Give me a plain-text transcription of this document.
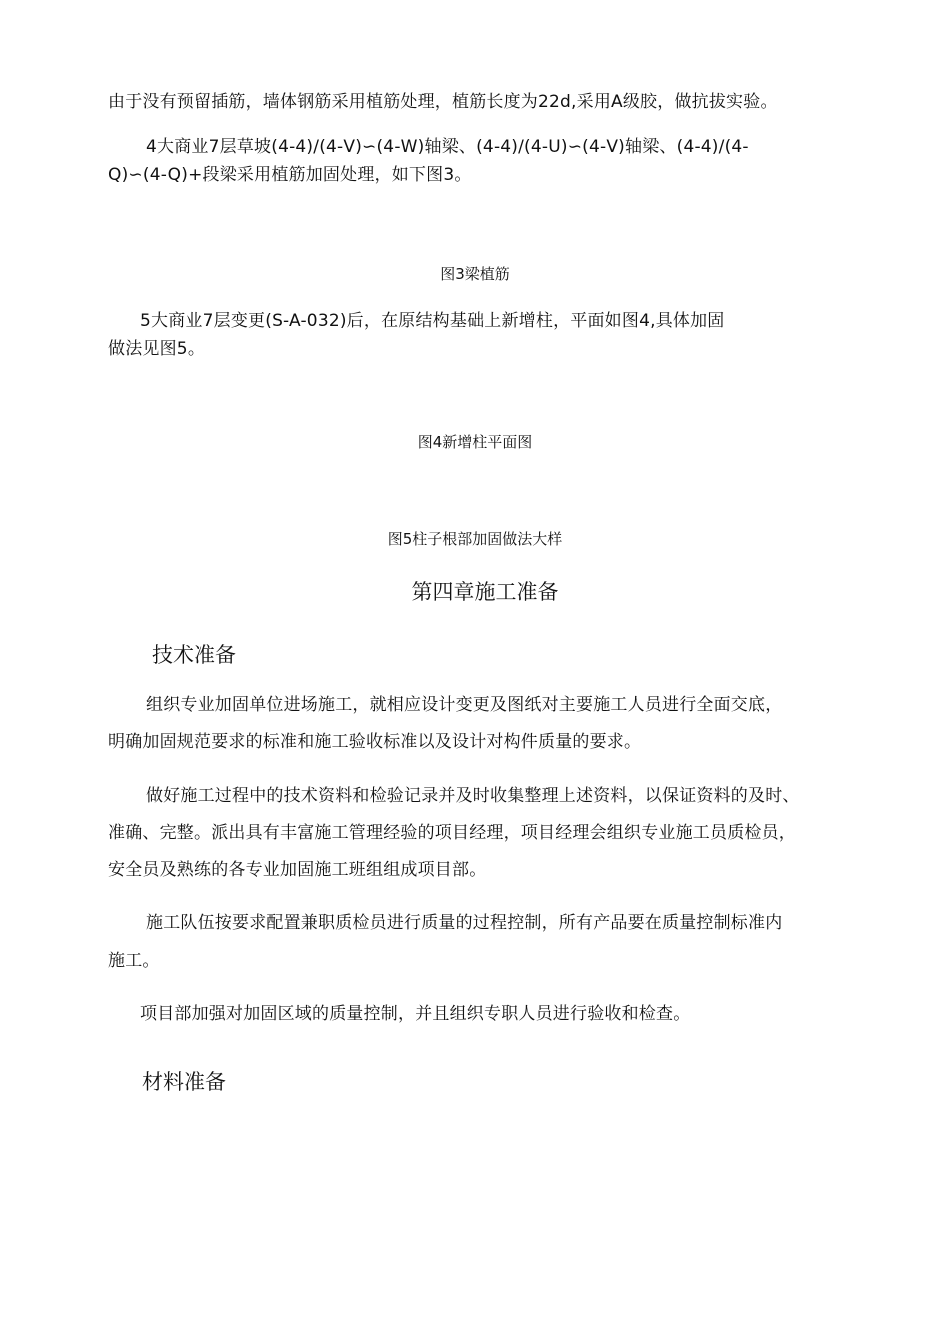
由于没有预留插筋，墙体钢筋采用植筋处理，植筋长度为22d,采用A级胶，做抗拔实验。
4大商业7层草坡(4-4)/(4-V)∽(4-W)轴梁、(4-4)/(4-U)∽(4-V)轴梁、(4-4)/(4-
Q)∽(4-Q)+段梁采用植筋加固处理，如下图3。
图3梁植筋
5大商业7层变更(S-A-032)后，在原结构基础上新增柱，平面如图4,具体加固
做法见图5。
图4新增柱平面图
图5柱子根部加固做法大样
第四章施工准备
技术准备
组织专业加固单位进场施工，就相应设计变更及图纸对主要施工人员进行全面交底，
明确加固规范要求的标准和施工验收标准以及设计对构件质量的要求。
做好施工过程中的技术资料和检验记录并及时收集整理上述资料，以保证资料的及时、
准确、完整。派出具有丰富施工管理经验的项目经理，项目经理会组织专业施工员质检员，
安全员及熟练的各专业加固施工班组组成项目部。
施工队伍按要求配置兼职质检员进行质量的过程控制，所有产品要在质量控制标准内
施工。
项目部加强对加固区域的质量控制，并且组织专职人员进行验收和检查。
材料准备
